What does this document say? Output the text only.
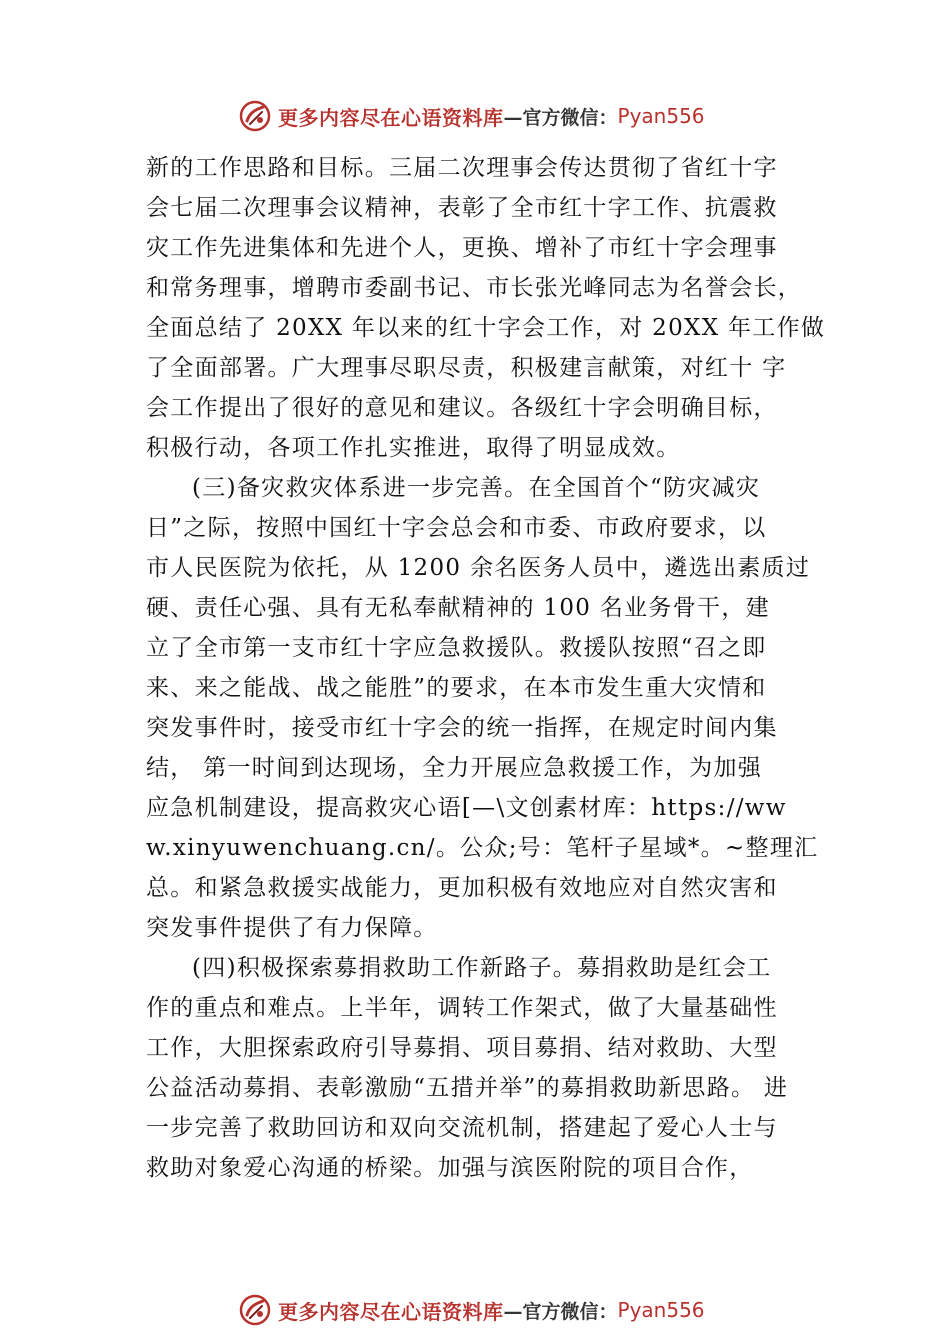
更多内容尽在心语资料库 —官方微信： Pyan556
新的工作思路和目标。三届二次理事会传达贯彻了省红十字
会七届二次理事会议精神，表彰了全市红十字工作、抗震救
灾工作先进集体和先进个人，更换、增补了市红十字会理事
和常务理事，增聘市委副书记、市长张光峰同志为名誉会长，
全面总结了 20XX 年以来的红十字会工作，对 20XX 年工作做
了全面部署。广大理事尽职尽责，积极建言献策，对红十 字
会工作提出了很好的意见和建议。各级红十字会明确目标，
积极行动，各项工作扎实推进，取得了明显成效。
(三)备灾救灾体系进一步完善。在全国首个“防灾减灾
日”之际，按照中国红十字会总会和市委、市政府要求，以
市人民医院为依托，从 1200 余名医务人员中，遴选出素质过
硬、责任心强、具有无私奉献精神的 100 名业务骨干，建
立了全市第一支市红十字应急救援队。救援队按照“召之即
来、来之能战、战之能胜”的要求，在本市发生重大灾情和
突发事件时，接受市红十字会的统一指挥，在规定时间内集
结， 第一时间到达现场，全力开展应急救援工作，为加强
应急机制建设，提高救灾心语[—\文创素材库：https://ww
w.xinyuwenchuang.cn/。公众;号：笔杆子星域*。~整理汇
总。和紧急救援实战能力，更加积极有效地应对自然灾害和
突发事件提供了有力保障。
(四)积极探索募捐救助工作新路子。募捐救助是红会工
作的重点和难点。上半年，调转工作架式，做了大量基础性
工作，大胆探索政府引导募捐、项目募捐、结对救助、大型
公益活动募捐、表彰激励“五措并举”的募捐救助新思路。 进
一步完善了救助回访和双向交流机制，搭建起了爱心人士与
救助对象爱心沟通的桥梁。加强与滨医附院的项目合作，
更多内容尽在心语资料库 —官方微信： Pyan556
